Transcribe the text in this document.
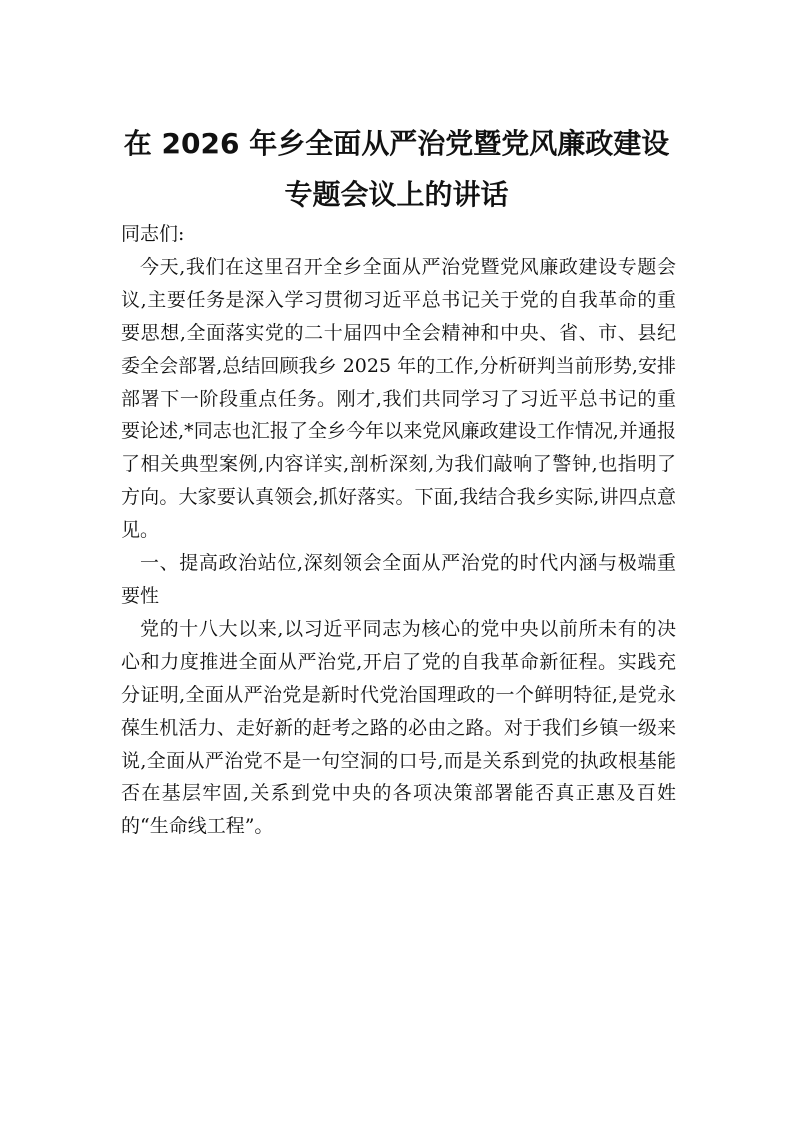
在 2026 年乡全面从严治党暨党风廉政建设
专题会议上的讲话

同志们:

今天,我们在这里召开全乡全面从严治党暨党风廉政建设专题会议,主要任务是深入学习贯彻习近平总书记关于党的自我革命的重要思想,全面落实党的二十届四中全会精神和中央、省、市、县纪委全会部署,总结回顾我乡 2025 年的工作,分析研判当前形势,安排部署下一阶段重点任务。刚才,我们共同学习了习近平总书记的重要论述,*同志也汇报了全乡今年以来党风廉政建设工作情况,并通报了相关典型案例,内容详实,剖析深刻,为我们敲响了警钟,也指明了方向。大家要认真领会,抓好落实。下面,我结合我乡实际,讲四点意见。

一、提高政治站位,深刻领会全面从严治党的时代内涵与极端重要性

党的十八大以来,以习近平同志为核心的党中央以前所未有的决心和力度推进全面从严治党,开启了党的自我革命新征程。实践充分证明,全面从严治党是新时代党治国理政的一个鲜明特征,是党永葆生机活力、走好新的赶考之路的必由之路。对于我们乡镇一级来说,全面从严治党不是一句空洞的口号,而是关系到党的执政根基能否在基层牢固,关系到党中央的各项决策部署能否真正惠及百姓的“生命线工程”。
